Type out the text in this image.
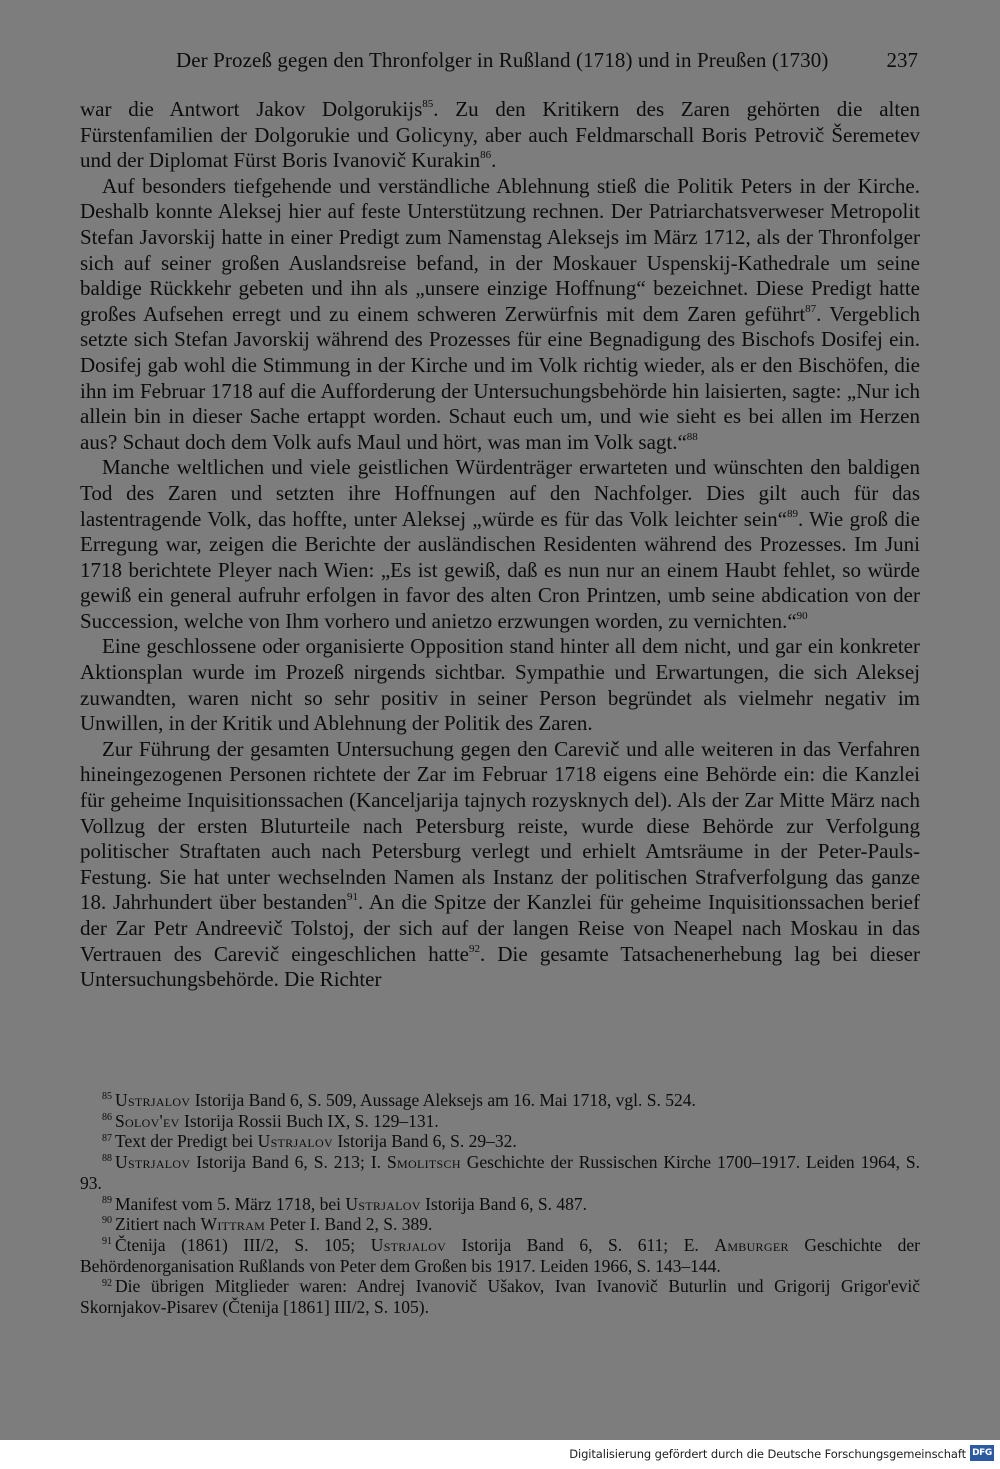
Der Prozeß gegen den Thronfolger in Rußland (1718) und in Preußen (1730)	237

war die Antwort Jakov Dolgorukijs$^{85}$. Zu den Kritikern des Zaren gehörten die alten Fürstenfamilien der Dolgorukie und Golicyny, aber auch Feldmarschall Boris Petrovič Šeremetev und der Diplomat Fürst Boris Ivanovič Kurakin$^{86}$.

Auf besonders tiefgehende und verständliche Ablehnung stieß die Politik Peters in der Kirche. Deshalb konnte Aleksej hier auf feste Unterstützung rechnen. Der Patriarchatsverweser Metropolit Stefan Javorskij hatte in einer Predigt zum Namenstag Aleksejs im März 1712, als der Thronfolger sich auf seiner großen Auslandsreise befand, in der Moskauer Uspenskij-Kathedrale um seine baldige Rückkehr gebeten und ihn als „unsere einzige Hoffnung“ bezeichnet. Diese Predigt hatte großes Aufsehen erregt und zu einem schweren Zerwürfnis mit dem Zaren geführt$^{87}$. Vergeblich setzte sich Stefan Javorskij während des Prozesses für eine Begnadigung des Bischofs Dosifej ein. Dosifej gab wohl die Stimmung in der Kirche und im Volk richtig wieder, als er den Bischöfen, die ihn im Februar 1718 auf die Aufforderung der Untersuchungsbehörde hin laisierten, sagte: „Nur ich allein bin in dieser Sache ertappt worden. Schaut euch um, und wie sieht es bei allen im Herzen aus? Schaut doch dem Volk aufs Maul und hört, was man im Volk sagt.“$^{88}$

Manche weltlichen und viele geistlichen Würdenträger erwarteten und wünschten den baldigen Tod des Zaren und setzten ihre Hoffnungen auf den Nachfolger. Dies gilt auch für das lastentragende Volk, das hoffte, unter Aleksej „würde es für das Volk leichter sein“$^{89}$. Wie groß die Erregung war, zeigen die Berichte der ausländischen Residenten während des Prozesses. Im Juni 1718 berichtete Pleyer nach Wien: „Es ist gewiß, daß es nun nur an einem Haubt fehlet, so würde gewiß ein general aufruhr erfolgen in favor des alten Cron Printzen, umb seine abdication von der Succession, welche von Ihm vorhero und anietzo erzwungen worden, zu vernichten.“$^{90}$

Eine geschlossene oder organisierte Opposition stand hinter all dem nicht, und gar ein konkreter Aktionsplan wurde im Prozeß nirgends sichtbar. Sympathie und Erwartungen, die sich Aleksej zuwandten, waren nicht so sehr positiv in seiner Person begründet als vielmehr negativ im Unwillen, in der Kritik und Ablehnung der Politik des Zaren.

Zur Führung der gesamten Untersuchung gegen den Carevič und alle weiteren in das Verfahren hineingezogenen Personen richtete der Zar im Februar 1718 eigens eine Behörde ein: die Kanzlei für geheime Inquisitionssachen (Kanceljarija tajnych rozysknych del). Als der Zar Mitte März nach Vollzug der ersten Bluturteile nach Petersburg reiste, wurde diese Behörde zur Verfolgung politischer Straftaten auch nach Petersburg verlegt und erhielt Amtsräume in der Peter-Pauls-Festung. Sie hat unter wechselnden Namen als Instanz der politischen Strafverfolgung das ganze 18. Jahrhundert über bestanden$^{91}$. An die Spitze der Kanzlei für geheime Inquisitionssachen berief der Zar Petr Andreevič Tolstoj, der sich auf der langen Reise von Neapel nach Moskau in das Vertrauen des Carevič eingeschlichen hatte$^{92}$. Die gesamte Tatsachenerhebung lag bei dieser Untersuchungsbehörde. Die Richter

$^{85}$ Ustrjalov Istorija Band 6, S. 509, Aussage Aleksejs am 16. Mai 1718, vgl. S. 524.

$^{86}$ Solov'ev Istorija Rossii Buch IX, S. 129–131.

$^{87}$ Text der Predigt bei Ustrjalov Istorija Band 6, S. 29–32.

$^{88}$ Ustrjalov Istorija Band 6, S. 213; I. Smolitsch Geschichte der Russischen Kirche 1700–1917. Leiden 1964, S. 93.

$^{89}$ Manifest vom 5. März 1718, bei Ustrjalov Istorija Band 6, S. 487.

$^{90}$ Zitiert nach Wittram Peter I. Band 2, S. 389.

$^{91}$ Čtenija (1861) III/2, S. 105; Ustrjalov Istorija Band 6, S. 611; E. Amburger Geschichte der Behördenorganisation Rußlands von Peter dem Großen bis 1917. Leiden 1966, S. 143–144.

$^{92}$ Die übrigen Mitglieder waren: Andrej Ivanovič Ušakov, Ivan Ivanovič Buturlin und Grigorij Grigor'evič Skornjakov-Pisarev (Čtenija [1861] III/2, S. 105).

Digitalisierung gefördert durch die Deutsche Forschungsgemeinschaft DFG
